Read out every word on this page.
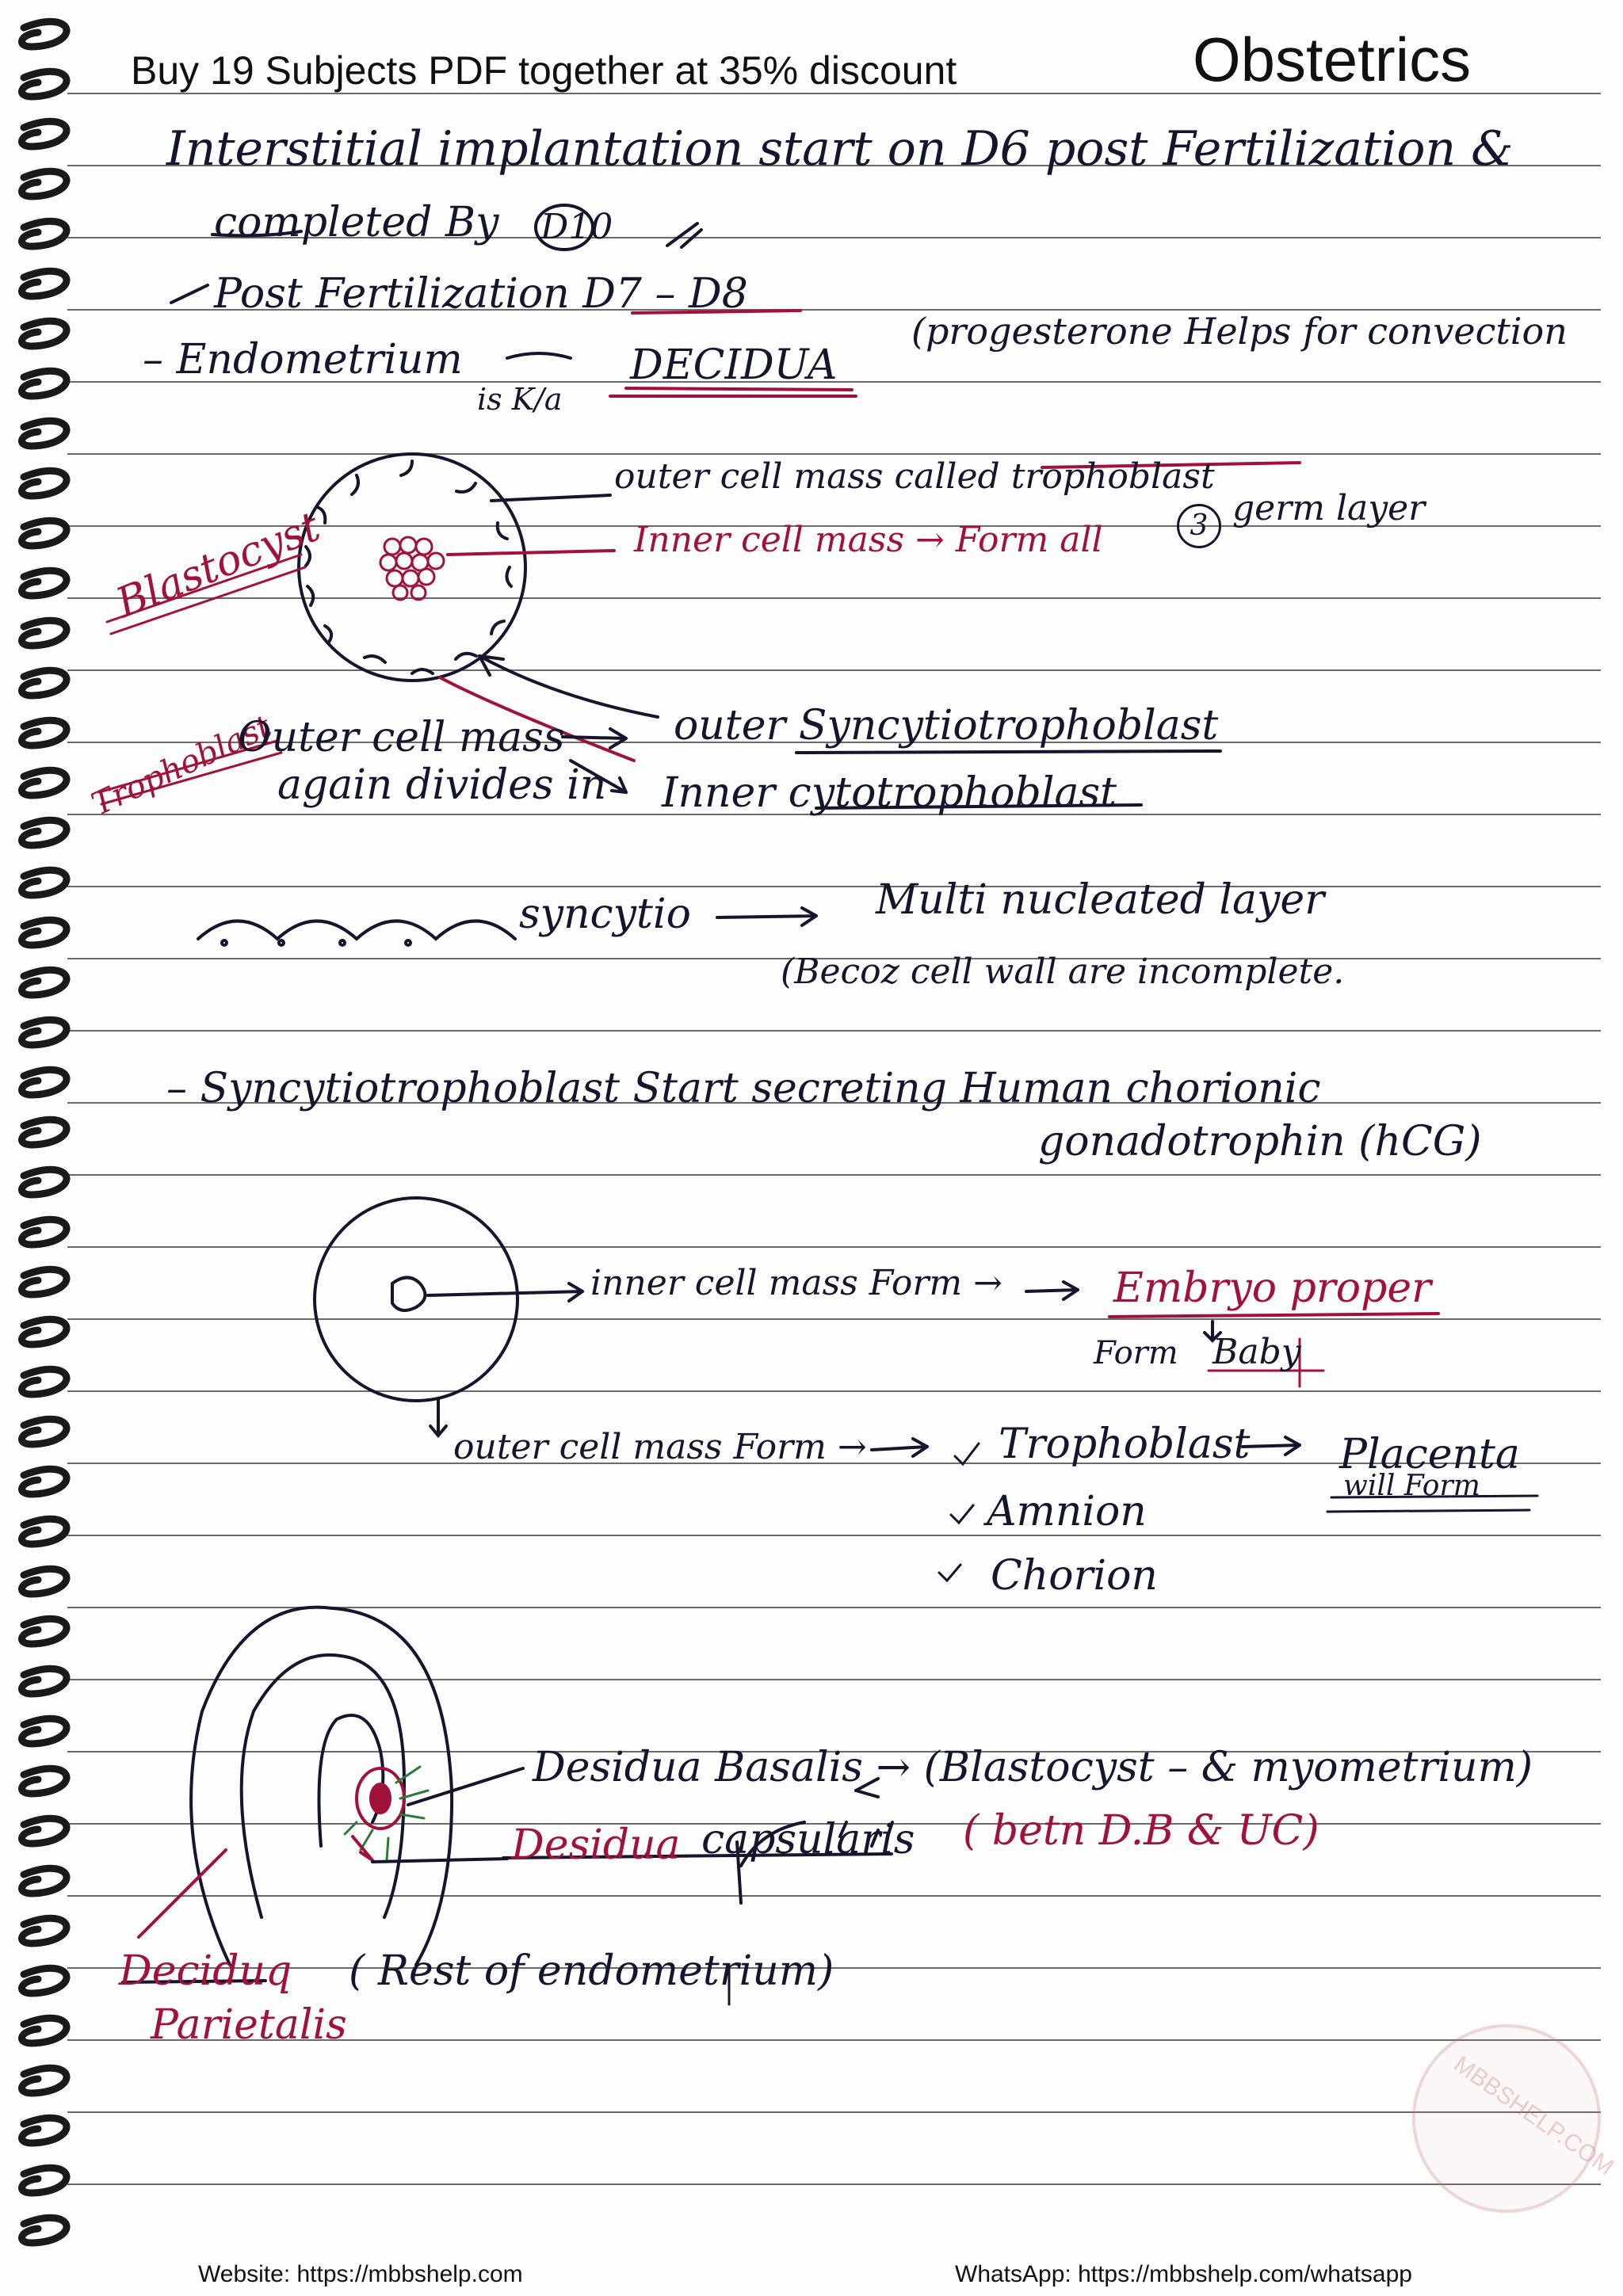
Buy 19 Subjects PDF together at 35% discount	Obstetrics
Interstitial implantation start on D6 post Fertilization &
completed By D10
Post Fertilization D7 – D8
– Endometrium
is K/a
DECIDUA
(progesterone Helps for convection
outer cell mass called trophoblast
Inner cell mass → Form all	3 germ layer
Blastocyst
Trophoblast
Outer cell mass
again divides in
outer Syncytiotrophoblast
Inner cytotrophoblast
syncytio	Multi nucleated layer
(Becoz cell wall are incomplete.
– Syncytiotrophoblast Start secreting Human chorionic
gonadotrophin (hCG)
inner cell mass Form →	Embryo proper
Form Baby
outer cell mass Form →	Trophoblast Placenta
will Form
Amnion
Chorion
Desidua Basalis → (Blastocyst – & myometrium)
Desidua capsularis ( betn D.B & UC)
Deciduq
Parietalis
( Rest of endometrium)
MBBSHELP.COM
Website: https://mbbshelp.com	WhatsApp: https://mbbshelp.com/whatsapp
